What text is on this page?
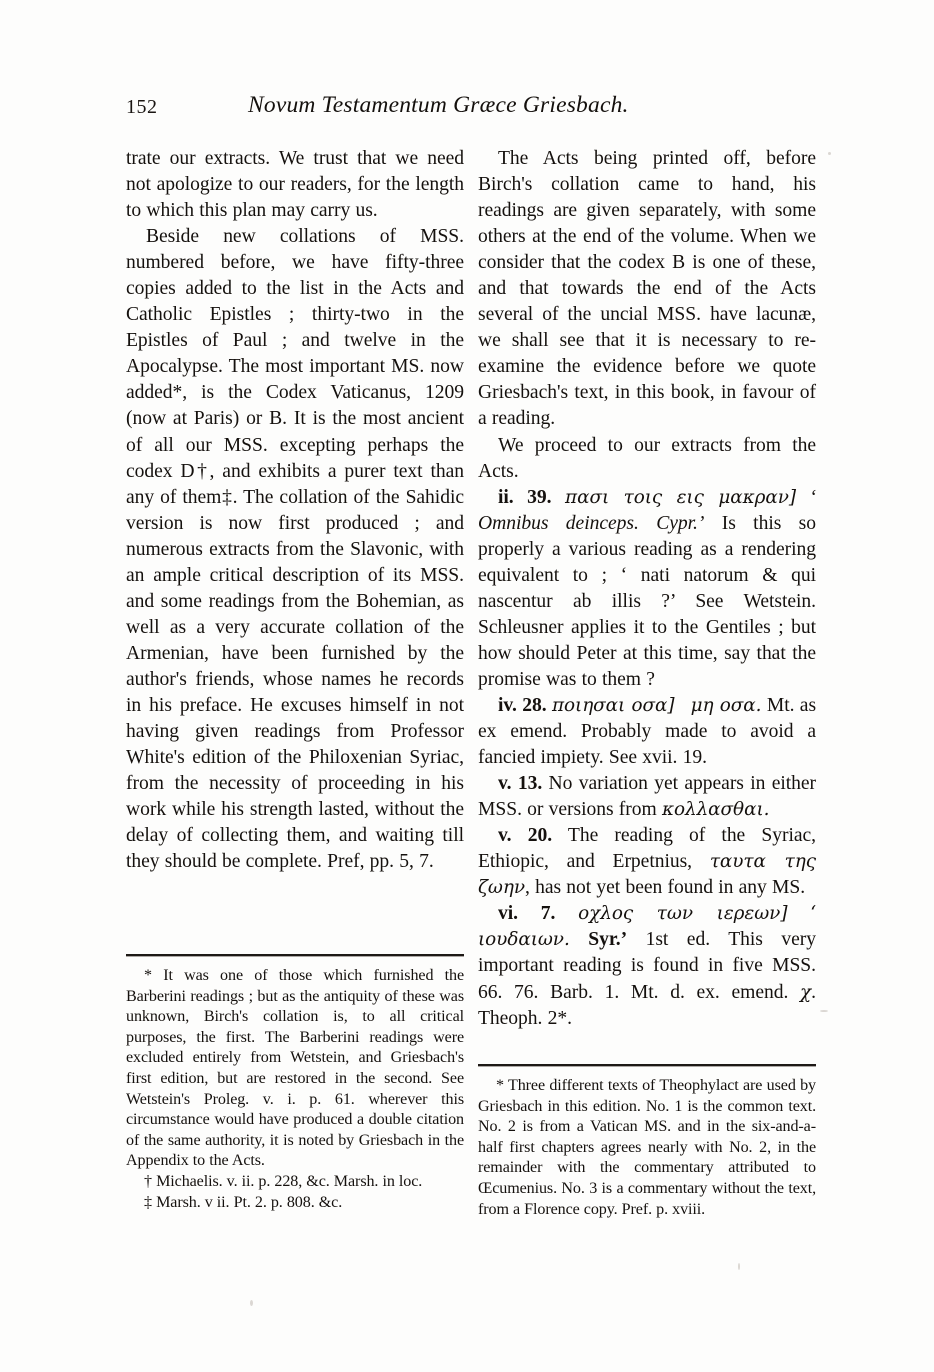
152	Novum Testamentum Græce Griesbach.

trate our extracts. We trust that we need not apologize to our readers, for the length to which this plan may carry us.

Beside new collations of MSS. numbered before, we have fifty-three copies added to the list in the Acts and Catholic Epistles ; thirty-two in the Epistles of Paul ; and twelve in the Apocalypse. The most important MS. now added*, is the Codex Vaticanus, 1209 (now at Paris) or B. It is the most ancient of all our MSS. excepting perhaps the codex D†, and exhibits a purer text than any of them‡. The collation of the Sahidic version is now first produced ; and numerous extracts from the Slavonic, with an ample critical description of its MSS. and some readings from the Bohemian, as well as a very accurate collation of the Armenian, have been furnished by the author's friends, whose names he records in his preface. He excuses himself in not having given readings from Professor White's edition of the Philoxenian Syriac, from the necessity of proceeding in his work while his strength lasted, without the delay of collecting them, and waiting till they should be complete. Pref, pp. 5, 7.

* It was one of those which furnished the Barberini readings ; but as the antiquity of these was unknown, Birch's collation is, to all critical purposes, the first. The Barberini readings were excluded entirely from Wetstein, and Griesbach's first edition, but are restored in the second. See Wetstein's Proleg. v. i. p. 61. wherever this circumstance would have produced a double citation of the same authority, it is noted by Griesbach in the Appendix to the Acts.

† Michaelis. v. ii. p. 228, &c. Marsh. in loc.

‡ Marsh. v ii. Pt. 2. p. 808. &c.

The Acts being printed off, before Birch's collation came to hand, his readings are given separately, with some others at the end of the volume. When we consider that the codex B is one of these, and that towards the end of the Acts several of the uncial MSS. have lacunæ, we shall see that it is necessary to re-examine the evidence before we quote Griesbach's text, in this book, in favour of a reading.

We proceed to our extracts from the Acts.

ii. 39. πασι τοις εις μακραν] ‘ Omnibus deinceps. Cypr.’ Is this so properly a various reading as a rendering equivalent to ; ‘ nati natorum & qui nascentur ab illis ?’ See Wetstein. Schleusner applies it to the Gentiles ; but how should Peter at this time, say that the promise was to them ?

iv. 28. ποιησαι οσα] μη οσα. Mt. as ex emend. Probably made to avoid a fancied impiety. See xvii. 19.

v. 13. No variation yet appears in either MSS. or versions from κολλασθαι.

v. 20. The reading of the Syriac, Ethiopic, and Erpetnius, ταυτα της ζωην, has not yet been found in any MS.

vi. 7. οχλος των ιερεων] ‘ ιουδαιων. Syr.’ 1st ed. This very important reading is found in five MSS. 66. 76. Barb. 1. Mt. d. ex. emend. χ. Theoph. 2*.

* Three different texts of Theophylact are used by Griesbach in this edition. No. 1 is the common text. No. 2 is from a Vatican MS. and in the six-and-a-half first chapters agrees nearly with No. 2, in the remainder with the commentary attributed to Œcumenius. No. 3 is a commentary without the text, from a Florence copy. Pref. p. xviii.
